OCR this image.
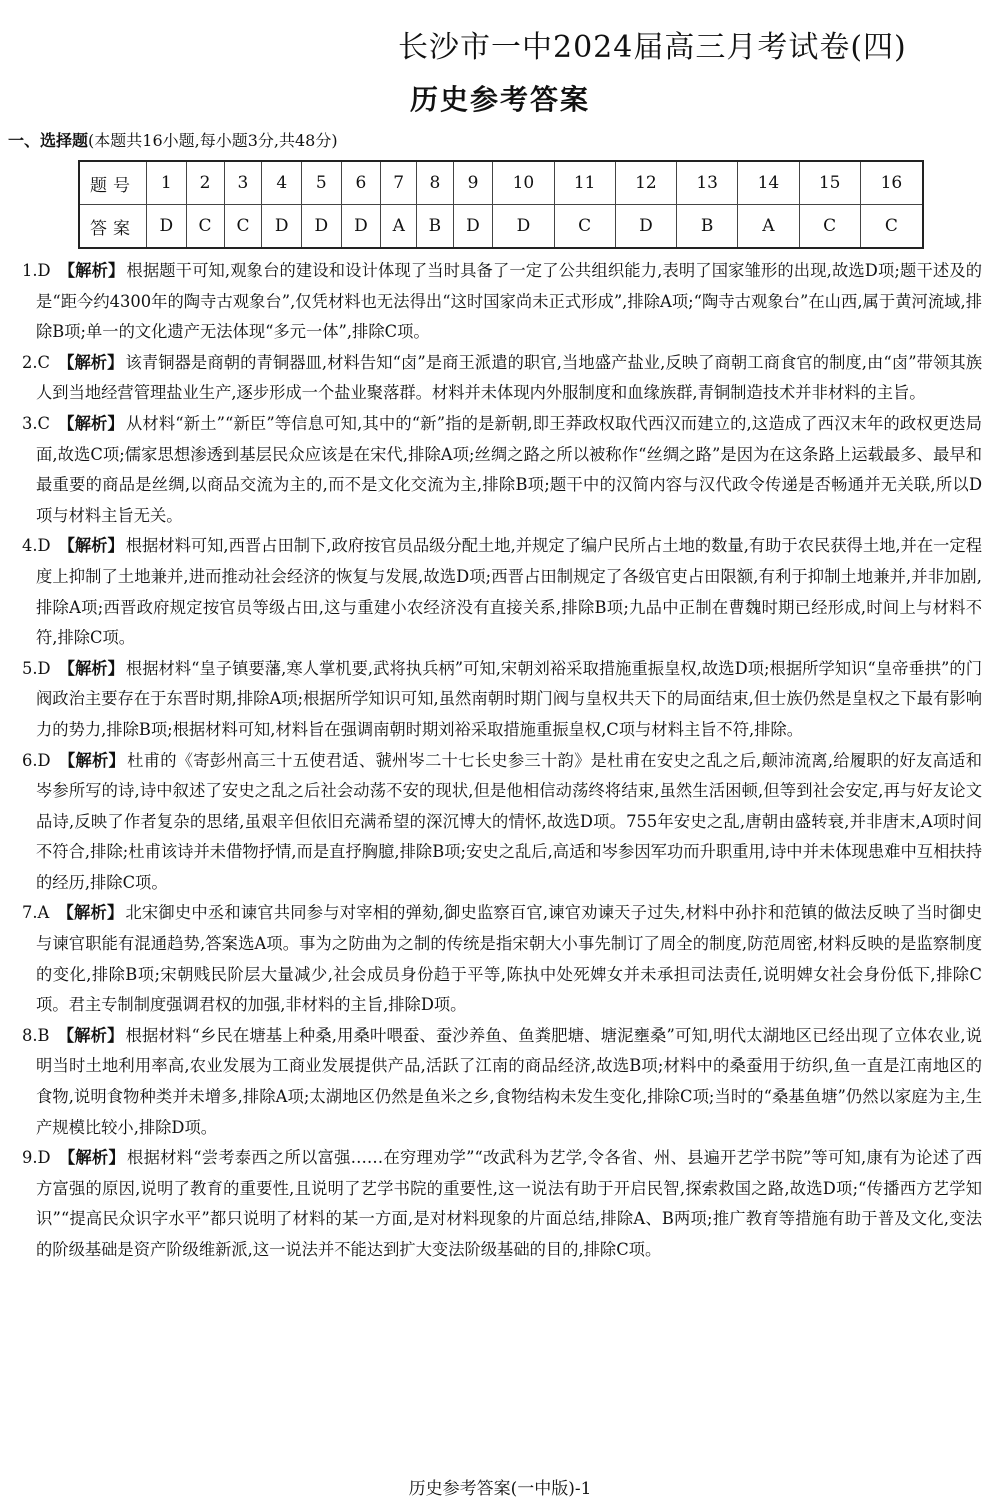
长沙市一中2024届高三月考试卷(四)
历史参考答案
一、选择题(本题共16小题,每小题3分,共48分)
题号	1	2	3	4	5	6	7	8	9	10	11	12	13	14	15	16
答案	D	C	C	D	D	D	A	B	D	D	C	D	B	A	C	C

1.D 【解析】 根据题干可知,观象台的建设和设计体现了当时具备了一定了公共组织能力,表明了国家雏形的出现,故选D项;题干述及的是“距今约4300年的陶寺古观象台”,仅凭材料也无法得出“这时国家尚未正式形成”,排除A项;“陶寺古观象台”在山西,属于黄河流域,排除B项;单一的文化遗产无法体现“多元一体”,排除C项。

2.C 【解析】 该青铜器是商朝的青铜器皿,材料告知“卤”是商王派遣的职官,当地盛产盐业,反映了商朝工商食官的制度,由“卤”带领其族人到当地经营管理盐业生产,逐步形成一个盐业聚落群。材料并未体现内外服制度和血缘族群,青铜制造技术并非材料的主旨。

3.C 【解析】 从材料“新土”“新臣”等信息可知,其中的“新”指的是新朝,即王莽政权取代西汉而建立的,这造成了西汉末年的政权更迭局面,故选C项;儒家思想渗透到基层民众应该是在宋代,排除A项;丝绸之路之所以被称作“丝绸之路”是因为在这条路上运载最多、最早和最重要的商品是丝绸,以商品交流为主的,而不是文化交流为主,排除B项;题干中的汉简内容与汉代政令传递是否畅通并无关联,所以D项与材料主旨无关。

4.D 【解析】 根据材料可知,西晋占田制下,政府按官员品级分配土地,并规定了编户民所占土地的数量,有助于农民获得土地,并在一定程度上抑制了土地兼并,进而推动社会经济的恢复与发展,故选D项;西晋占田制规定了各级官吏占田限额,有利于抑制土地兼并,并非加剧,排除A项;西晋政府规定按官员等级占田,这与重建小农经济没有直接关系,排除B项;九品中正制在曹魏时期已经形成,时间上与材料不符,排除C项。

5.D 【解析】 根据材料“皇子镇要藩,寒人掌机要,武将执兵柄”可知,宋朝刘裕采取措施重振皇权,故选D项;根据所学知识“皇帝垂拱”的门阀政治主要存在于东晋时期,排除A项;根据所学知识可知,虽然南朝时期门阀与皇权共天下的局面结束,但士族仍然是皇权之下最有影响力的势力,排除B项;根据材料可知,材料旨在强调南朝时期刘裕采取措施重振皇权,C项与材料主旨不符,排除。

6.D 【解析】 杜甫的《寄彭州高三十五使君适、虢州岑二十七长史参三十韵》是杜甫在安史之乱之后,颠沛流离,给履职的好友高适和岑参所写的诗,诗中叙述了安史之乱之后社会动荡不安的现状,但是他相信动荡终将结束,虽然生活困顿,但等到社会安定,再与好友论文品诗,反映了作者复杂的思绪,虽艰辛但依旧充满希望的深沉博大的情怀,故选D项。755年安史之乱,唐朝由盛转衰,并非唐末,A项时间不符合,排除;杜甫该诗并未借物抒情,而是直抒胸臆,排除B项;安史之乱后,高适和岑参因军功而升职重用,诗中并未体现患难中互相扶持的经历,排除C项。

7.A 【解析】 北宋御史中丞和谏官共同参与对宰相的弹劾,御史监察百官,谏官劝谏天子过失,材料中孙抃和范镇的做法反映了当时御史与谏官职能有混通趋势,答案选A项。事为之防曲为之制的传统是指宋朝大小事先制订了周全的制度,防范周密,材料反映的是监察制度的变化,排除B项;宋朝贱民阶层大量减少,社会成员身份趋于平等,陈执中处死婢女并未承担司法责任,说明婢女社会身份低下,排除C项。君主专制制度强调君权的加强,非材料的主旨,排除D项。

8.B 【解析】 根据材料“乡民在塘基上种桑,用桑叶喂蚕、蚕沙养鱼、鱼粪肥塘、塘泥壅桑”可知,明代太湖地区已经出现了立体农业,说明当时土地利用率高,农业发展为工商业发展提供产品,活跃了江南的商品经济,故选B项;材料中的桑蚕用于纺织,鱼一直是江南地区的食物,说明食物种类并未增多,排除A项;太湖地区仍然是鱼米之乡,食物结构未发生变化,排除C项;当时的“桑基鱼塘”仍然以家庭为主,生产规模比较小,排除D项。

9.D 【解析】 根据材料“尝考泰西之所以富强……在穷理劝学”“改武科为艺学,令各省、州、县遍开艺学书院”等可知,康有为论述了西方富强的原因,说明了教育的重要性,且说明了艺学书院的重要性,这一说法有助于开启民智,探索救国之路,故选D项;“传播西方艺学知识”“提高民众识字水平”都只说明了材料的某一方面,是对材料现象的片面总结,排除A、B两项;推广教育等措施有助于普及文化,变法的阶级基础是资产阶级维新派,这一说法并不能达到扩大变法阶级基础的目的,排除C项。

历史参考答案(一中版)-1
